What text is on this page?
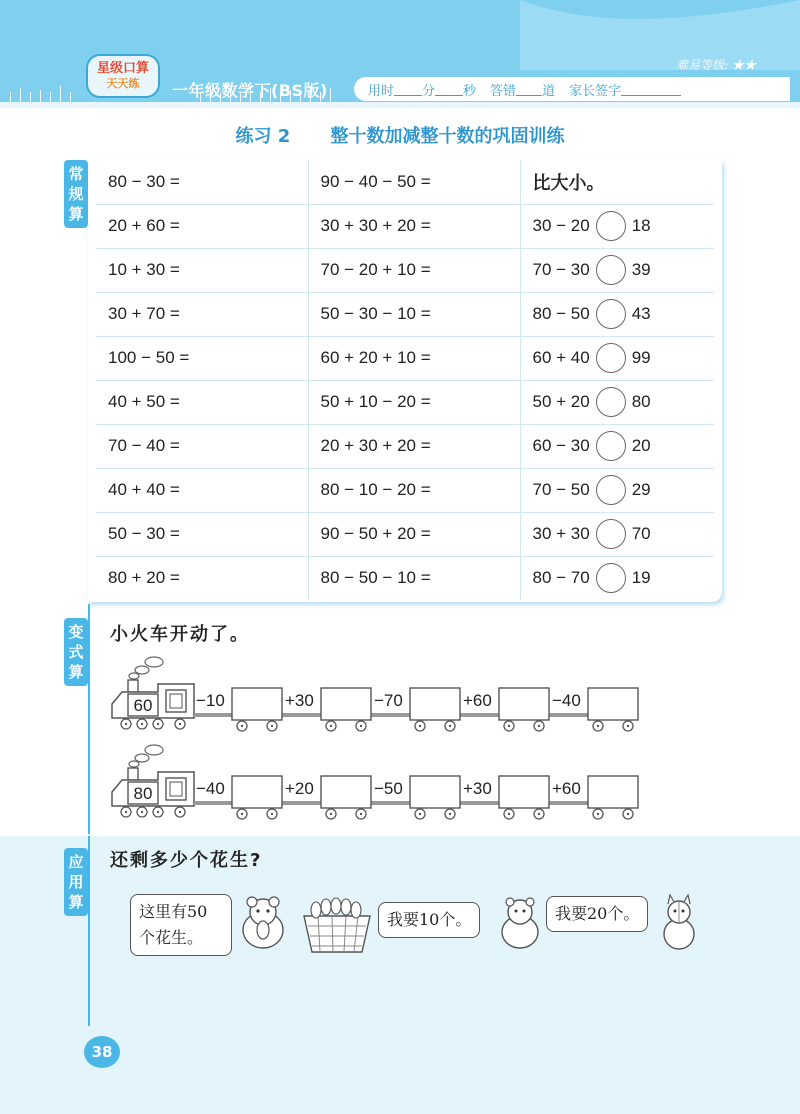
星级口算
天天练 一年级数学下(BS版)
难易等级: ★★
用时 分 秒 答错 道 家长签字
练习 2 整十数加减整十数的巩固训练
常规算
变式算
80 − 30 =	90 − 40 − 50 =	比大小。
20 + 60 =	30 + 30 + 20 =	30 − 20 18

10 + 30 =	70 − 20 + 10 =	70 − 30 39

30 + 70 =	50 − 30 − 10 =	80 − 50 43

100 − 50 =	60 + 20 + 10 =	60 + 40 99

40 + 50 =	50 + 10 − 20 =	50 + 20 80

70 − 40 =	20 + 30 + 20 =	60 − 30 20

40 + 40 =	80 − 10 − 20 =	70 − 50 29

50 − 30 =	90 − 50 + 20 =	30 + 30 70

80 + 20 =	80 − 50 − 10 =	80 − 70 19
小火车开动了。
60	−10	+30	−70	+60	−40
80	−40	+20	−50	+30	+60
应用算
还剩多少个花生?
这里有50
个花生。
我要10个。	我要20个。
38
